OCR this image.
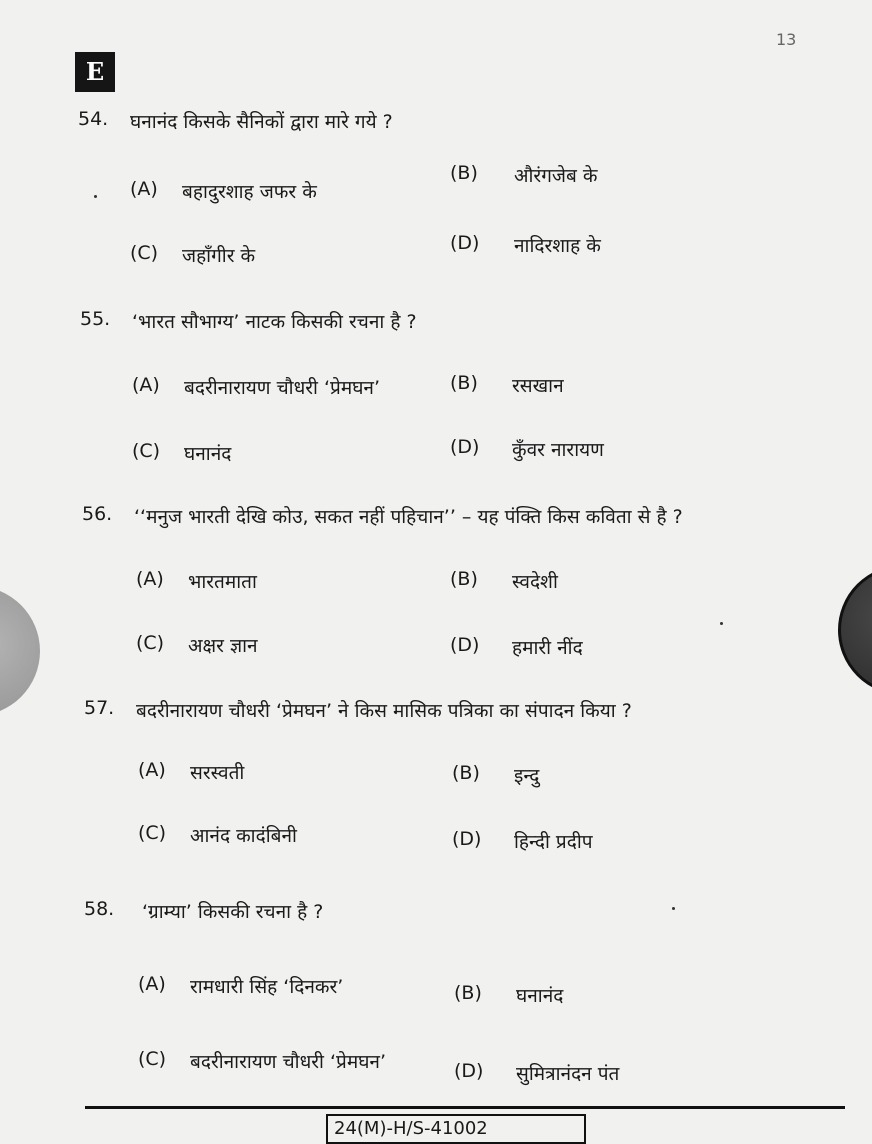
13
E
54. घनानंद किसके सैनिकों द्वारा मारे गये ?
(A) बहादुरशाह जफर के
(B) औरंगजेब के
(C) जहाँगीर के
(D) नादिरशाह के
55. ‘भारत सौभाग्य’ नाटक किसकी रचना है ?
(A) बदरीनारायण चौधरी ‘प्रेमघन’	(B) रसखान
(C) घनानंद	(D) कुँवर नारायण
56. ‘‘मनुज भारती देखि कोउ, सकत नहीं पहिचान’’ – यह पंक्ति किस कविता से है ?
(A) भारतमाता	(B) स्वदेशी
(C) अक्षर ज्ञान	(D) हमारी नींद
57. बदरीनारायण चौधरी ‘प्रेमघन’ ने किस मासिक पत्रिका का संपादन किया ?
(A) सरस्वती	(B) इन्दु
(C) आनंद कादंबिनी	(D) हिन्दी प्रदीप
58. ‘ग्राम्या’ किसकी रचना है ?
(A) रामधारी सिंह ‘दिनकर’	(B) घनानंद
(C) बदरीनारायण चौधरी ‘प्रेमघन’	(D) सुमित्रानंदन पंत
24(M)-H/S-41002
